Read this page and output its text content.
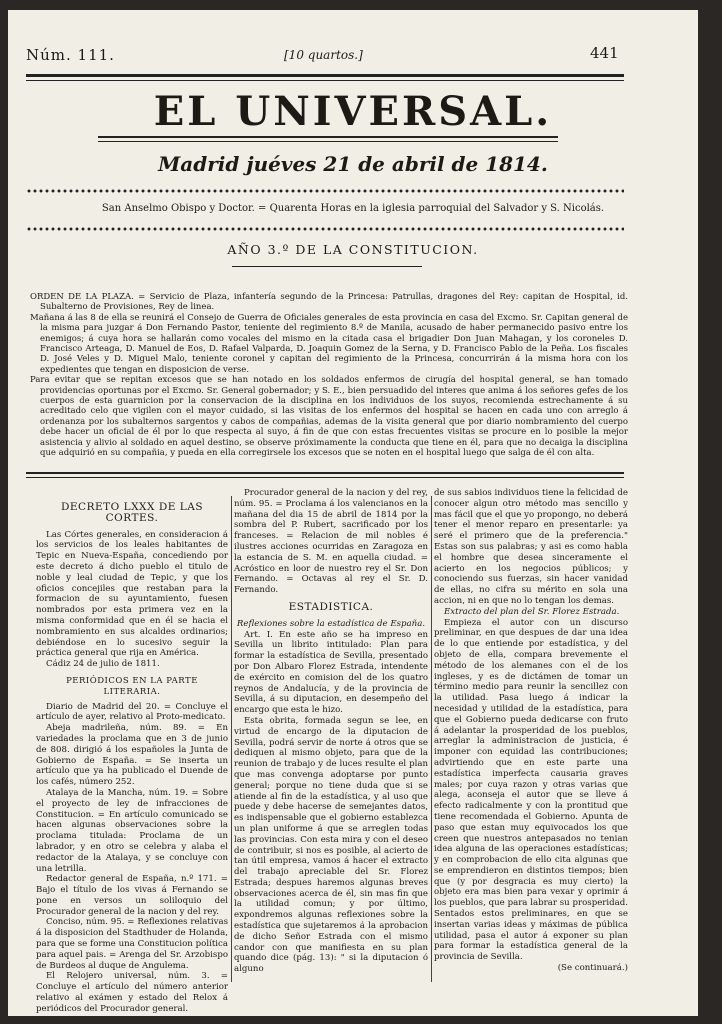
Núm. 111.	[10 quartos.]	441
EL UNIVERSAL.
Madrid juéves 21 de abril de 1814.
San Anselmo Obispo y Doctor. = Quarenta Horas en la iglesia parroquial del Salvador y S. Nicolás.
AÑO 3.º DE LA CONSTITUCION.

ORDEN DE LA PLAZA. = Servicio de Plaza, infantería segundo de la Princesa: Patrullas, dragones del Rey: capitan de Hospital, id. Subalterno de Provisiones, Rey de linea.

Mañana á las 8 de ella se reunirá el Consejo de Guerra de Oficiales generales de esta provincia en casa del Excmo. Sr. Capitan general de la misma para juzgar á Don Fernando Pastor, teniente del regimiento 8.º de Manila, acusado de haber permanecido pasivo entre los enemigos; á cuya hora se hallarán como vocales del mismo en la citada casa el brigadier Don Juan Mahagan, y los coroneles D. Francisco Arteaga, D. Manuel de Eos, D. Rafael Valparda, D. Joaquin Gomez de la Serna, y D. Francisco Pablo de la Peña. Los fiscales D. José Veles y D. Miguel Malo, teniente coronel y capitan del regimiento de la Princesa, concurrirán á la misma hora con los expedientes que tengan en disposicion de verse.

Para evitar que se repitan excesos que se han notado en los soldados enfermos de cirugía del hospital general, se han tomado providencias oportunas por el Excmo. Sr. General gobernador; y S. E., bien persuadido del interes que anima á los señores gefes de los cuerpos de esta guarnicion por la conservacion de la disciplina en los individuos de los suyos, recomienda estrechamente á su acreditado celo que vigilen con el mayor cuidado, si las visitas de los enfermos del hospital se hacen en cada uno con arreglo á ordenanza por los subalternos sargentos y cabos de compañias, ademas de la visita general que por diario nombramiento del cuerpo debe hacer un oficial de él por lo que respecta al suyo, á fin de que con estas frecuentes visitas se procure en lo posible la mejor asistencia y alivio al soldado en aquel destino, se observe próximamente la conducta que tiene en él, para que no decaiga la disciplina que adquirió en su compañia, y pueda en ella corregirsele los excesos que se noten en el hospital luego que salga de él con alta.

DECRETO LXXX DE LAS CORTES.

Las Córtes generales, en consideracion á los servicios de los leales habitantes de Tepic en Nueva-España, concediendo por este decreto á dicho pueblo el titulo de noble y leal ciudad de Tepic, y que los oficios concejiles que restaban para la formacion de su ayuntamiento, fuesen nombrados por esta primera vez en la misma conformidad que en él se hacia el nombramiento en sus alcaldes ordinarios; debiéndose en lo sucesivo seguir la práctica general que rija en América.

Cádiz 24 de julio de 1811.

PERIÓDICOS EN LA PARTE LITERARIA.

Diario de Madrid del 20. = Concluye el artículo de ayer, relativo al Proto-medicato.

Abeja madrileña, núm. 89. = En variedades la proclama que en 3 de junio de 808. dirigió á los españoles la Junta de Gobierno de España. = Se inserta un artículo que ya ha publicado el Duende de los cafés, número 252.

Atalaya de la Mancha, núm. 19. = Sobre el proyecto de ley de infracciones de Constitucion. = En artículo comunicado se hacen algunas observaciones sobre la proclama titulada: Proclama de un labrador, y en otro se celebra y alaba el redactor de la Atalaya, y se concluye con una letrilla.

Redactor general de España, n.º 171. = Bajo el título de los vivas á Fernando se pone en versos un soliloquio del Procurador general de la nacion y del rey.

Conciso, núm. 95. = Reflexiones relativas á la disposicion del Stadthuder de Holanda, para que se forme una Constitucion política para aquel pais. = Arenga del Sr. Arzobispo de Burdeos al duque de Angulema.

El Relojero universal, núm. 3. = Concluye el artículo del número anterior relativo al exámen y estado del Relox á periódicos del Procurador general.

Procurador general de la nacion y del rey, núm. 95. = Proclama á los valencianos en la mañana del dia 15 de abril de 1814 por la sombra del P. Rubert, sacrificado por los franceses. = Relacion de mil nobles é ilustres acciones ocurridas en Zaragoza en la estancia de S. M. en aquella ciudad. = Acróstico en loor de nuestro rey el Sr. Don Fernando. = Octavas al rey el Sr. D. Fernando.

ESTADISTICA.

Reflexiones sobre la estadística de España.

Art. I. En este año se ha impreso en Sevilla un librito intitulado: Plan para formar la estadística de Sevilla, presentado por Don Albaro Florez Estrada, intendente de exército en comision del de los quatro reynos de Andalucía, y de la provincia de Sevilla, á su diputacion, en desempeño del encargo que esta le hizo.

Esta obrita, formada segun se lee, en virtud de encargo de la diputacion de Sevilla, podrá servir de norte á otros que se dediquen al mismo objeto, para que de la reunion de trabajo y de luces resulte el plan que mas convenga adoptarse por punto general; porque no tiene duda que si se atiende al fin de la estadística, y al uso que puede y debe hacerse de semejantes datos, es indispensable que el gobierno establezca un plan uniforme á que se arreglen todas las provincias. Con esta mira y con el deseo de contribuir, si nos es posible, al acierto de tan útil empresa, vamos á hacer el extracto del trabajo apreciable del Sr. Florez Estrada; despues haremos algunas breves observaciones acerca de él, sin mas fin que la utilidad comun; y por último, expondremos algunas reflexiones sobre la estadística que sujetaremos á la aprobacion de dicho Señor Estrada con el mismo candor con que manifiesta en su plan quando dice (pág. 13): " si la diputacion ó alguno

de sus sabios individuos tiene la felicidad de conocer algun otro método mas sencillo y mas fácil que el que yo propongo, no deberá tener el menor reparo en presentarle: ya seré el primero que de la preferencia." Estas son sus palabras; y asi es como habla el hombre que desea sinceramente el acierto en los negocios públicos; y conociendo sus fuerzas, sin hacer vanidad de ellas, no cifra su mérito en sola una accion, ni en que no lo tengan los demas.

Extracto del plan del Sr. Florez Estrada.

Empieza el autor con un discurso preliminar, en que despues de dar una idea de lo que entiende por estadística, y del objeto de ella, compara brevemente el método de los alemanes con el de los ingleses, y es de dictámen de tomar un término medio para reunir la sencillez con la utilidad. Pasa luego á indicar la necesidad y utilidad de la estadística, para que el Gobierno pueda dedicarse con fruto á adelantar la prosperidad de los pueblos, arreglar la administracion de justicia, é imponer con equidad las contribuciones; advirtiendo que en este parte una estadística imperfecta causaria graves males; por cuya razon y otras varias que alega, aconseja el autor que se lleve á efecto radicalmente y con la prontitud que tiene recomendada el Gobierno. Apunta de paso que estan muy equivocados los que creen que nuestros antepasados no tenian idea alguna de las operaciones estadísticas; y en comprobacion de ello cita algunas que se emprendieron en distintos tiempos; bien que (y por desgracia es muy cierto) la objeto era mas bien para vexar y oprimir á los pueblos, que para labrar su prosperidad. Sentados estos preliminares, en que se insertan varias ideas y máximas de pública utilidad, pasa el autor á exponer su plan para formar la estadística general de la provincia de Sevilla.

(Se continuará.)
